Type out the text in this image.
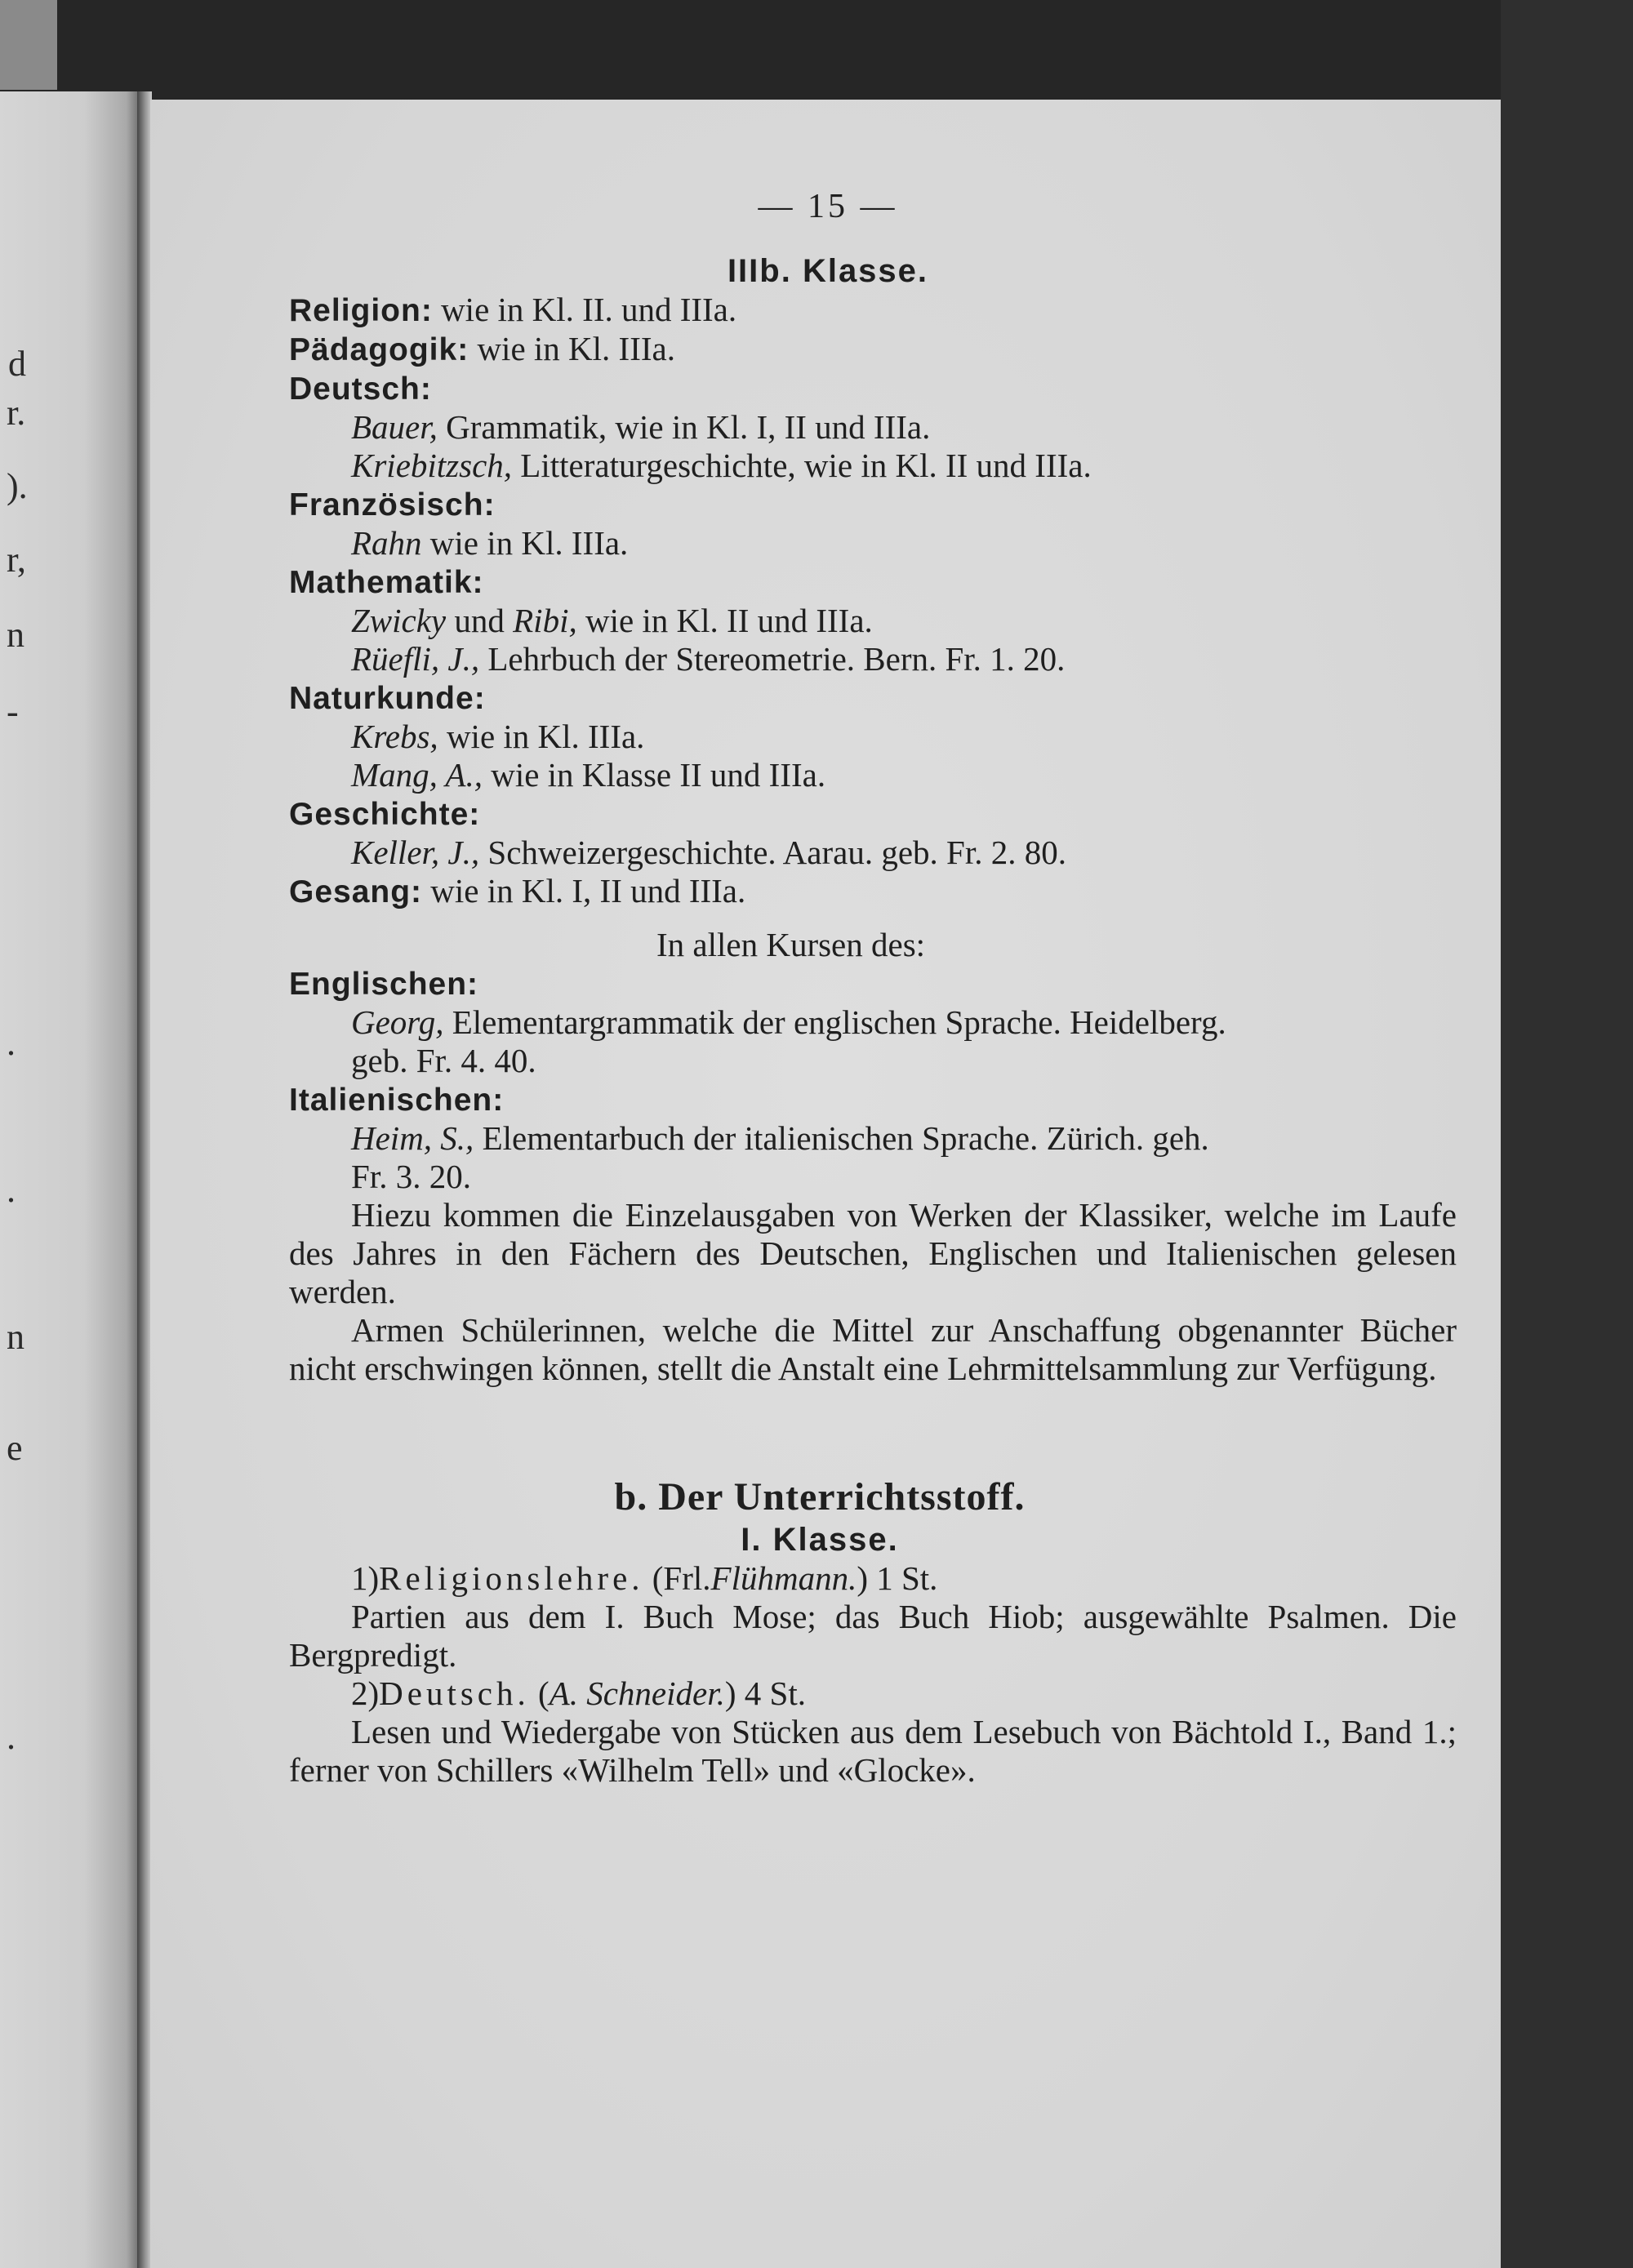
d
r.
).
r,
n
-
.
.
n
e
.
— 15 —
IIIb. Klasse.
Religion: wie in Kl. II. und IIIa.
Pädagogik: wie in Kl. IIIa.
Deutsch:
Bauer, Grammatik, wie in Kl. I, II und IIIa.
Kriebitzsch, Litteraturgeschichte, wie in Kl. II und IIIa.
Französisch:
Rahn wie in Kl. IIIa.
Mathematik:
Zwicky und Ribi, wie in Kl. II und IIIa.
Rüefli, J., Lehrbuch der Stereometrie. Bern. Fr. 1. 20.
Naturkunde:
Krebs, wie in Kl. IIIa.
Mang, A., wie in Klasse II und IIIa.
Geschichte:
Keller, J., Schweizergeschichte. Aarau. geb. Fr. 2. 80.
Gesang: wie in Kl. I, II und IIIa.
In allen Kursen des:
Englischen:
Georg, Elementargrammatik der englischen Sprache. Heidelberg.
geb. Fr. 4. 40.
Italienischen:
Heim, S., Elementarbuch der italienischen Sprache. Zürich. geh.
Fr. 3. 20.
Hiezu kommen die Einzelausgaben von Werken der Klassiker, welche im Laufe des Jahres in den Fächern des Deutschen, Englischen und Italienischen gelesen werden.
Armen Schülerinnen, welche die Mittel zur Anschaffung obgenannter Bücher nicht erschwingen können, stellt die Anstalt eine Lehrmittelsammlung zur Verfügung.
b. Der Unterrichtsstoff.
I. Klasse.
1)Religionslehre. (Frl.Flühmann.) 1 St.
Partien aus dem I. Buch Mose; das Buch Hiob; ausgewählte Psalmen. Die Bergpredigt.
2)Deutsch. (A. Schneider.) 4 St.
Lesen und Wiedergabe von Stücken aus dem Lesebuch von Bächtold I., Band 1.; ferner von Schillers «Wilhelm Tell» und «Glocke».
